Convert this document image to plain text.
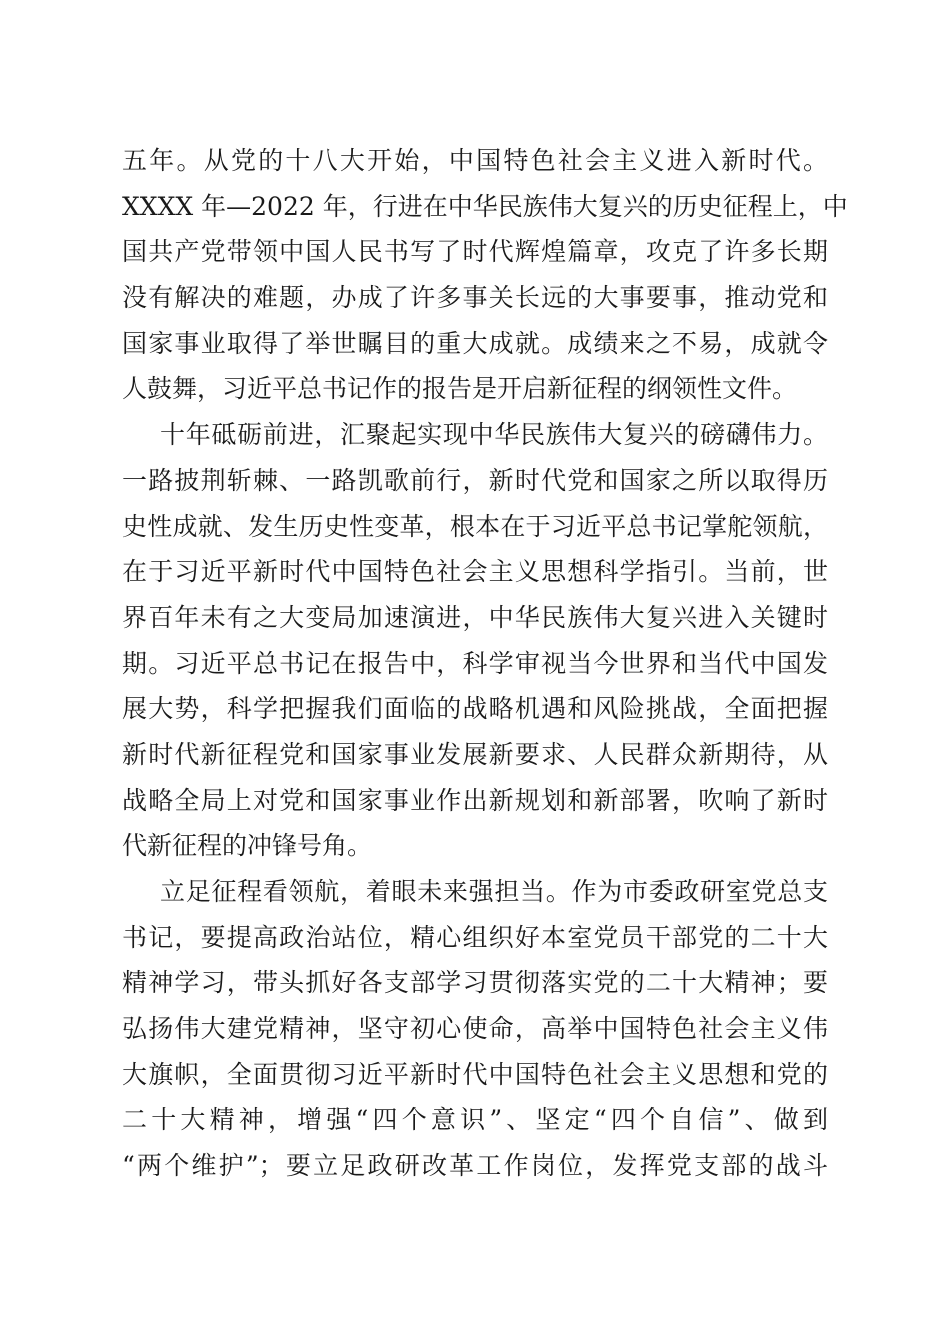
五年。从党的十八大开始，中国特色社会主义进入新时代。
XXXX 年—2022 年，行进在中华民族伟大复兴的历史征程上，中
国共产党带领中国人民书写了时代辉煌篇章，攻克了许多长期
没有解决的难题，办成了许多事关长远的大事要事，推动党和
国家事业取得了举世瞩目的重大成就。成绩来之不易，成就令
人鼓舞，习近平总书记作的报告是开启新征程的纲领性文件。
十年砥砺前进，汇聚起实现中华民族伟大复兴的磅礴伟力。
一路披荆斩棘、一路凯歌前行，新时代党和国家之所以取得历
史性成就、发生历史性变革，根本在于习近平总书记掌舵领航，
在于习近平新时代中国特色社会主义思想科学指引。当前，世
界百年未有之大变局加速演进，中华民族伟大复兴进入关键时
期。习近平总书记在报告中，科学审视当今世界和当代中国发
展大势，科学把握我们面临的战略机遇和风险挑战，全面把握
新时代新征程党和国家事业发展新要求、人民群众新期待，从
战略全局上对党和国家事业作出新规划和新部署，吹响了新时
代新征程的冲锋号角。
立足征程看领航，着眼未来强担当。作为市委政研室党总支
书记，要提高政治站位，精心组织好本室党员干部党的二十大
精神学习，带头抓好各支部学习贯彻落实党的二十大精神；要
弘扬伟大建党精神，坚守初心使命，高举中国特色社会主义伟
大旗帜，全面贯彻习近平新时代中国特色社会主义思想和党的
二十大精神，增强“四个意识”、坚定“四个自信”、做到
“两个维护”；要立足政研改革工作岗位，发挥党支部的战斗
